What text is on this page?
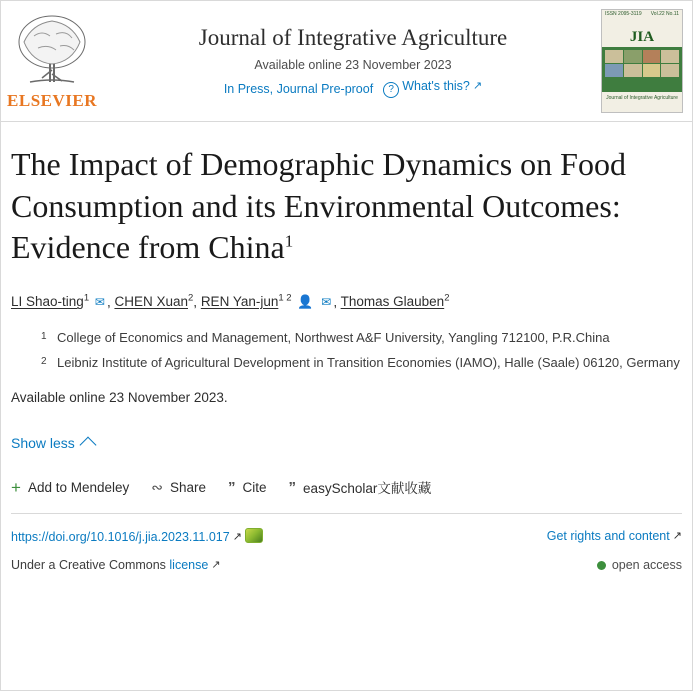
ELSEVIER
Journal of Integrative Agriculture
Available online 23 November 2023
In Press, Journal Pre-proof	? What's this? ↗
ISSN 2095-3119 Vol.22 No.11
JIA
Journal of Integrative Agriculture
The Impact of Demographic Dynamics on Food Consumption and its Environmental Outcomes: Evidence from China$^1$
LI Shao-ting$^1$ ✉ , CHEN Xuan$^2$, REN Yan-jun$^{1 2}$ 👤 ✉ , Thomas Glauben$^2$
1 College of Economics and Management, Northwest A&F University, Yangling 712100, P.R.China
2 Leibniz Institute of Agricultural Development in Transition Economies (IAMO), Halle (Saale) 06120, Germany
Available online 23 November 2023.
Show less
+ Add to Mendeley ∾ Share ” Cite ” easyScholar文献收藏
https://doi.org/10.1016/j.jia.2023.11.017 ↗	Get rights and content ↗
Under a Creative Commons license ↗	open access
